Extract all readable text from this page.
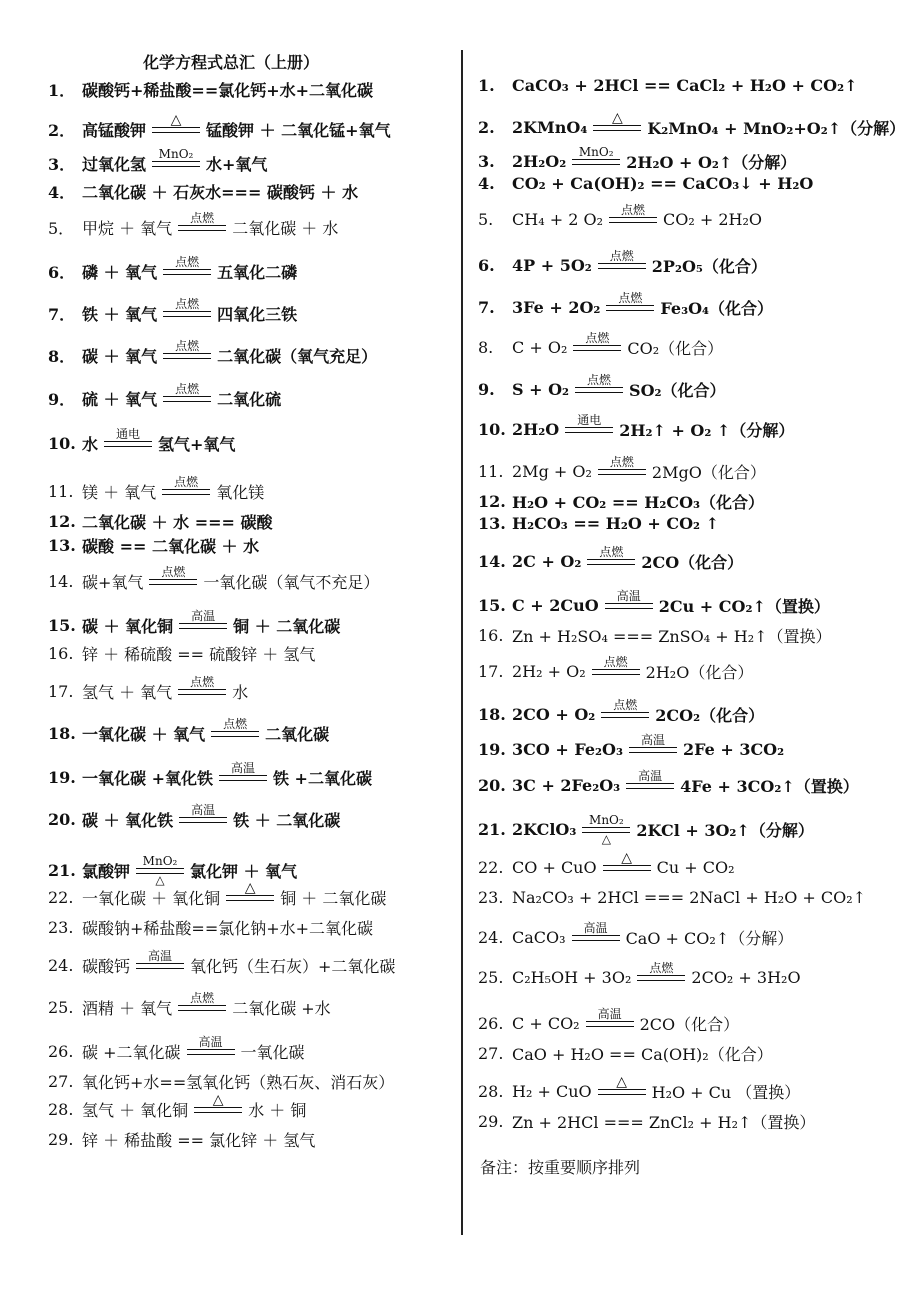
化学方程式总汇（上册）
1． 碳酸钙+稀盐酸==氯化钙+水+二氧化碳
2． 高锰酸钾
△
锰酸钾 ＋ 二氧化锰+氧气
3． 过氧化氢
MnO₂
水+氧气
4． 二氧化碳 ＋ 石灰水=== 碳酸钙 ＋ 水
5． 甲烷 ＋ 氧气
点燃
二氧化碳 ＋ 水
6． 磷 ＋ 氧气
点燃
五氧化二磷
7． 铁 ＋ 氧气
点燃
四氧化三铁
8． 碳 ＋ 氧气
点燃
二氧化碳（氧气充足）
9． 硫 ＋ 氧气
点燃
二氧化硫
10. 水
通电
氢气+氧气
11. 镁 ＋ 氧气
点燃
氧化镁
12. 二氧化碳 ＋ 水 === 碳酸
13. 碳酸 == 二氧化碳 ＋ 水
14. 碳+氧气
点燃
一氧化碳（氧气不充足）
15. 碳 ＋ 氧化铜
高温
铜 ＋ 二氧化碳
16. 锌 ＋ 稀硫酸 == 硫酸锌 ＋ 氢气
17. 氢气 ＋ 氧气
点燃
水
18. 一氧化碳 ＋ 氧气
点燃
二氧化碳
19. 一氧化碳 +氧化铁
高温
铁 +二氧化碳
20. 碳 ＋ 氧化铁
高温
铁 ＋ 二氧化碳
21. 氯酸钾
MnO₂
△ 氯化钾 ＋ 氧气
22. 一氧化碳 ＋ 氧化铜
△
铜 ＋ 二氧化碳
23. 碳酸钠+稀盐酸==氯化钠+水+二氧化碳
24. 碳酸钙
高温
氧化钙（生石灰）+二氧化碳
25. 酒精 ＋ 氧气
点燃
二氧化碳 +水
26. 碳 +二氧化碳
高温
一氧化碳
27. 氧化钙+水==氢氧化钙（熟石灰、消石灰）
28. 氢气 ＋ 氧化铜
△
水 ＋ 铜
29. 锌 ＋ 稀盐酸 == 氯化锌 ＋ 氢气
1.	CaCO₃ + 2HCl == CaCl₂ + H₂O + CO₂↑
2.	2KMnO₄ △
K₂MnO₄ + MnO₂+O₂↑（分解）
3.	2H₂O₂ MnO₂
2H₂O + O₂↑（分解）
4.	CO₂ + Ca(OH)₂ == CaCO₃↓ + H₂O
5.	CH₄ + 2 O₂ 点燃 CO₂ + 2H₂O
6.	4P + 5O₂ 点燃
2P₂O₅（化合）
7.	3Fe + 2O₂ 点燃
Fe₃O₄（化合）
8.	C + O₂ 点燃
CO₂（化合）
9.	S + O₂ 点燃
SO₂（化合）
10. 2H₂O 通电
2H₂↑ + O₂ ↑（分解）
11. 2Mg + O₂ 点燃
2MgO（化合）
12. H₂O + CO₂ == H₂CO₃（化合）
13. H₂CO₃ == H₂O + CO₂ ↑
14. 2C + O₂ 点燃
2CO（化合）
15. C + 2CuO 高温
2Cu + CO₂↑（置换）
16. Zn + H₂SO₄ === ZnSO₄ + H₂↑（置换）
17. 2H₂ + O₂ 点燃
2H₂O（化合）
18. 2CO + O₂ 点燃
2CO₂（化合）
19. 3CO + Fe₂O₃ 高温 2Fe + 3CO₂
20. 3C + 2Fe₂O₃ 高温
4Fe + 3CO₂↑（置换）
21. 2KClO₃ MnO₂
△ 2KCl + 3O₂↑（分解）
22. CO + CuO △ Cu + CO₂
23. Na₂CO₃ + 2HCl === 2NaCl + H₂O + CO₂↑
24. CaCO₃ 高温
CaO + CO₂↑（分解）
25. C₂H₅OH + 3O₂ 点燃 2CO₂ + 3H₂O
26. C + CO₂ 高温
2CO（化合）
27. CaO + H₂O == Ca(OH)₂（化合）
28. H₂ + CuO △
H₂O + Cu （置换）
29. Zn + 2HCl === ZnCl₂ + H₂↑（置换）
备注：按重要顺序排列
